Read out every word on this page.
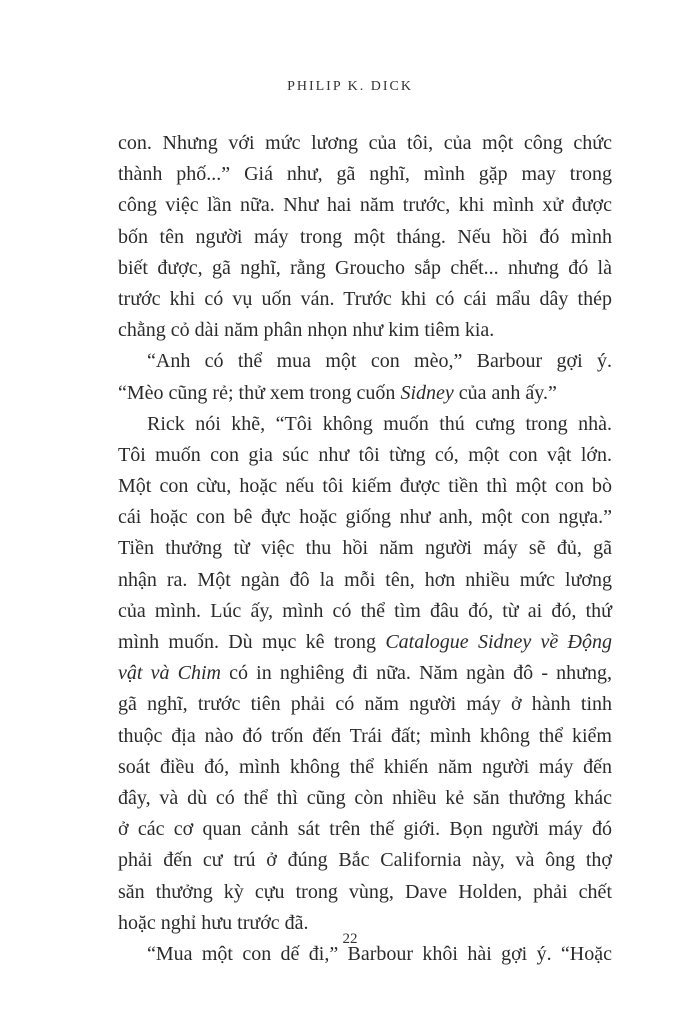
PHILIP K. DICK
con. Nhưng với mức lương của tôi, của một công chức
thành phố...” Giá như, gã nghĩ, mình gặp may trong
công việc lần nữa. Như hai năm trước, khi mình xử được
bốn tên người máy trong một tháng. Nếu hồi đó mình
biết được, gã nghĩ, rằng Groucho sắp chết... nhưng đó là
trước khi có vụ uốn ván. Trước khi có cái mẩu dây thép
chằng cỏ dài năm phân nhọn như kim tiêm kia.
“Anh có thể mua một con mèo,” Barbour gợi ý.
“Mèo cũng rẻ; thử xem trong cuốn Sidney của anh ấy.”
Rick nói khẽ, “Tôi không muốn thú cưng trong nhà.
Tôi muốn con gia súc như tôi từng có, một con vật lớn.
Một con cừu, hoặc nếu tôi kiếm được tiền thì một con bò
cái hoặc con bê đực hoặc giống như anh, một con ngựa.”
Tiền thưởng từ việc thu hồi năm người máy sẽ đủ, gã
nhận ra. Một ngàn đô la mỗi tên, hơn nhiều mức lương
của mình. Lúc ấy, mình có thể tìm đâu đó, từ ai đó, thứ
mình muốn. Dù mục kê trong Catalogue Sidney về Động
vật và Chim có in nghiêng đi nữa. Năm ngàn đô - nhưng,
gã nghĩ, trước tiên phải có năm người máy ở hành tinh
thuộc địa nào đó trốn đến Trái đất; mình không thể kiểm
soát điều đó, mình không thể khiến năm người máy đến
đây, và dù có thể thì cũng còn nhiều kẻ săn thưởng khác
ở các cơ quan cảnh sát trên thế giới. Bọn người máy đó
phải đến cư trú ở đúng Bắc California này, và ông thợ
săn thưởng kỳ cựu trong vùng, Dave Holden, phải chết
hoặc nghỉ hưu trước đã.
“Mua một con dế đi,” Barbour khôi hài gợi ý. “Hoặc
22
